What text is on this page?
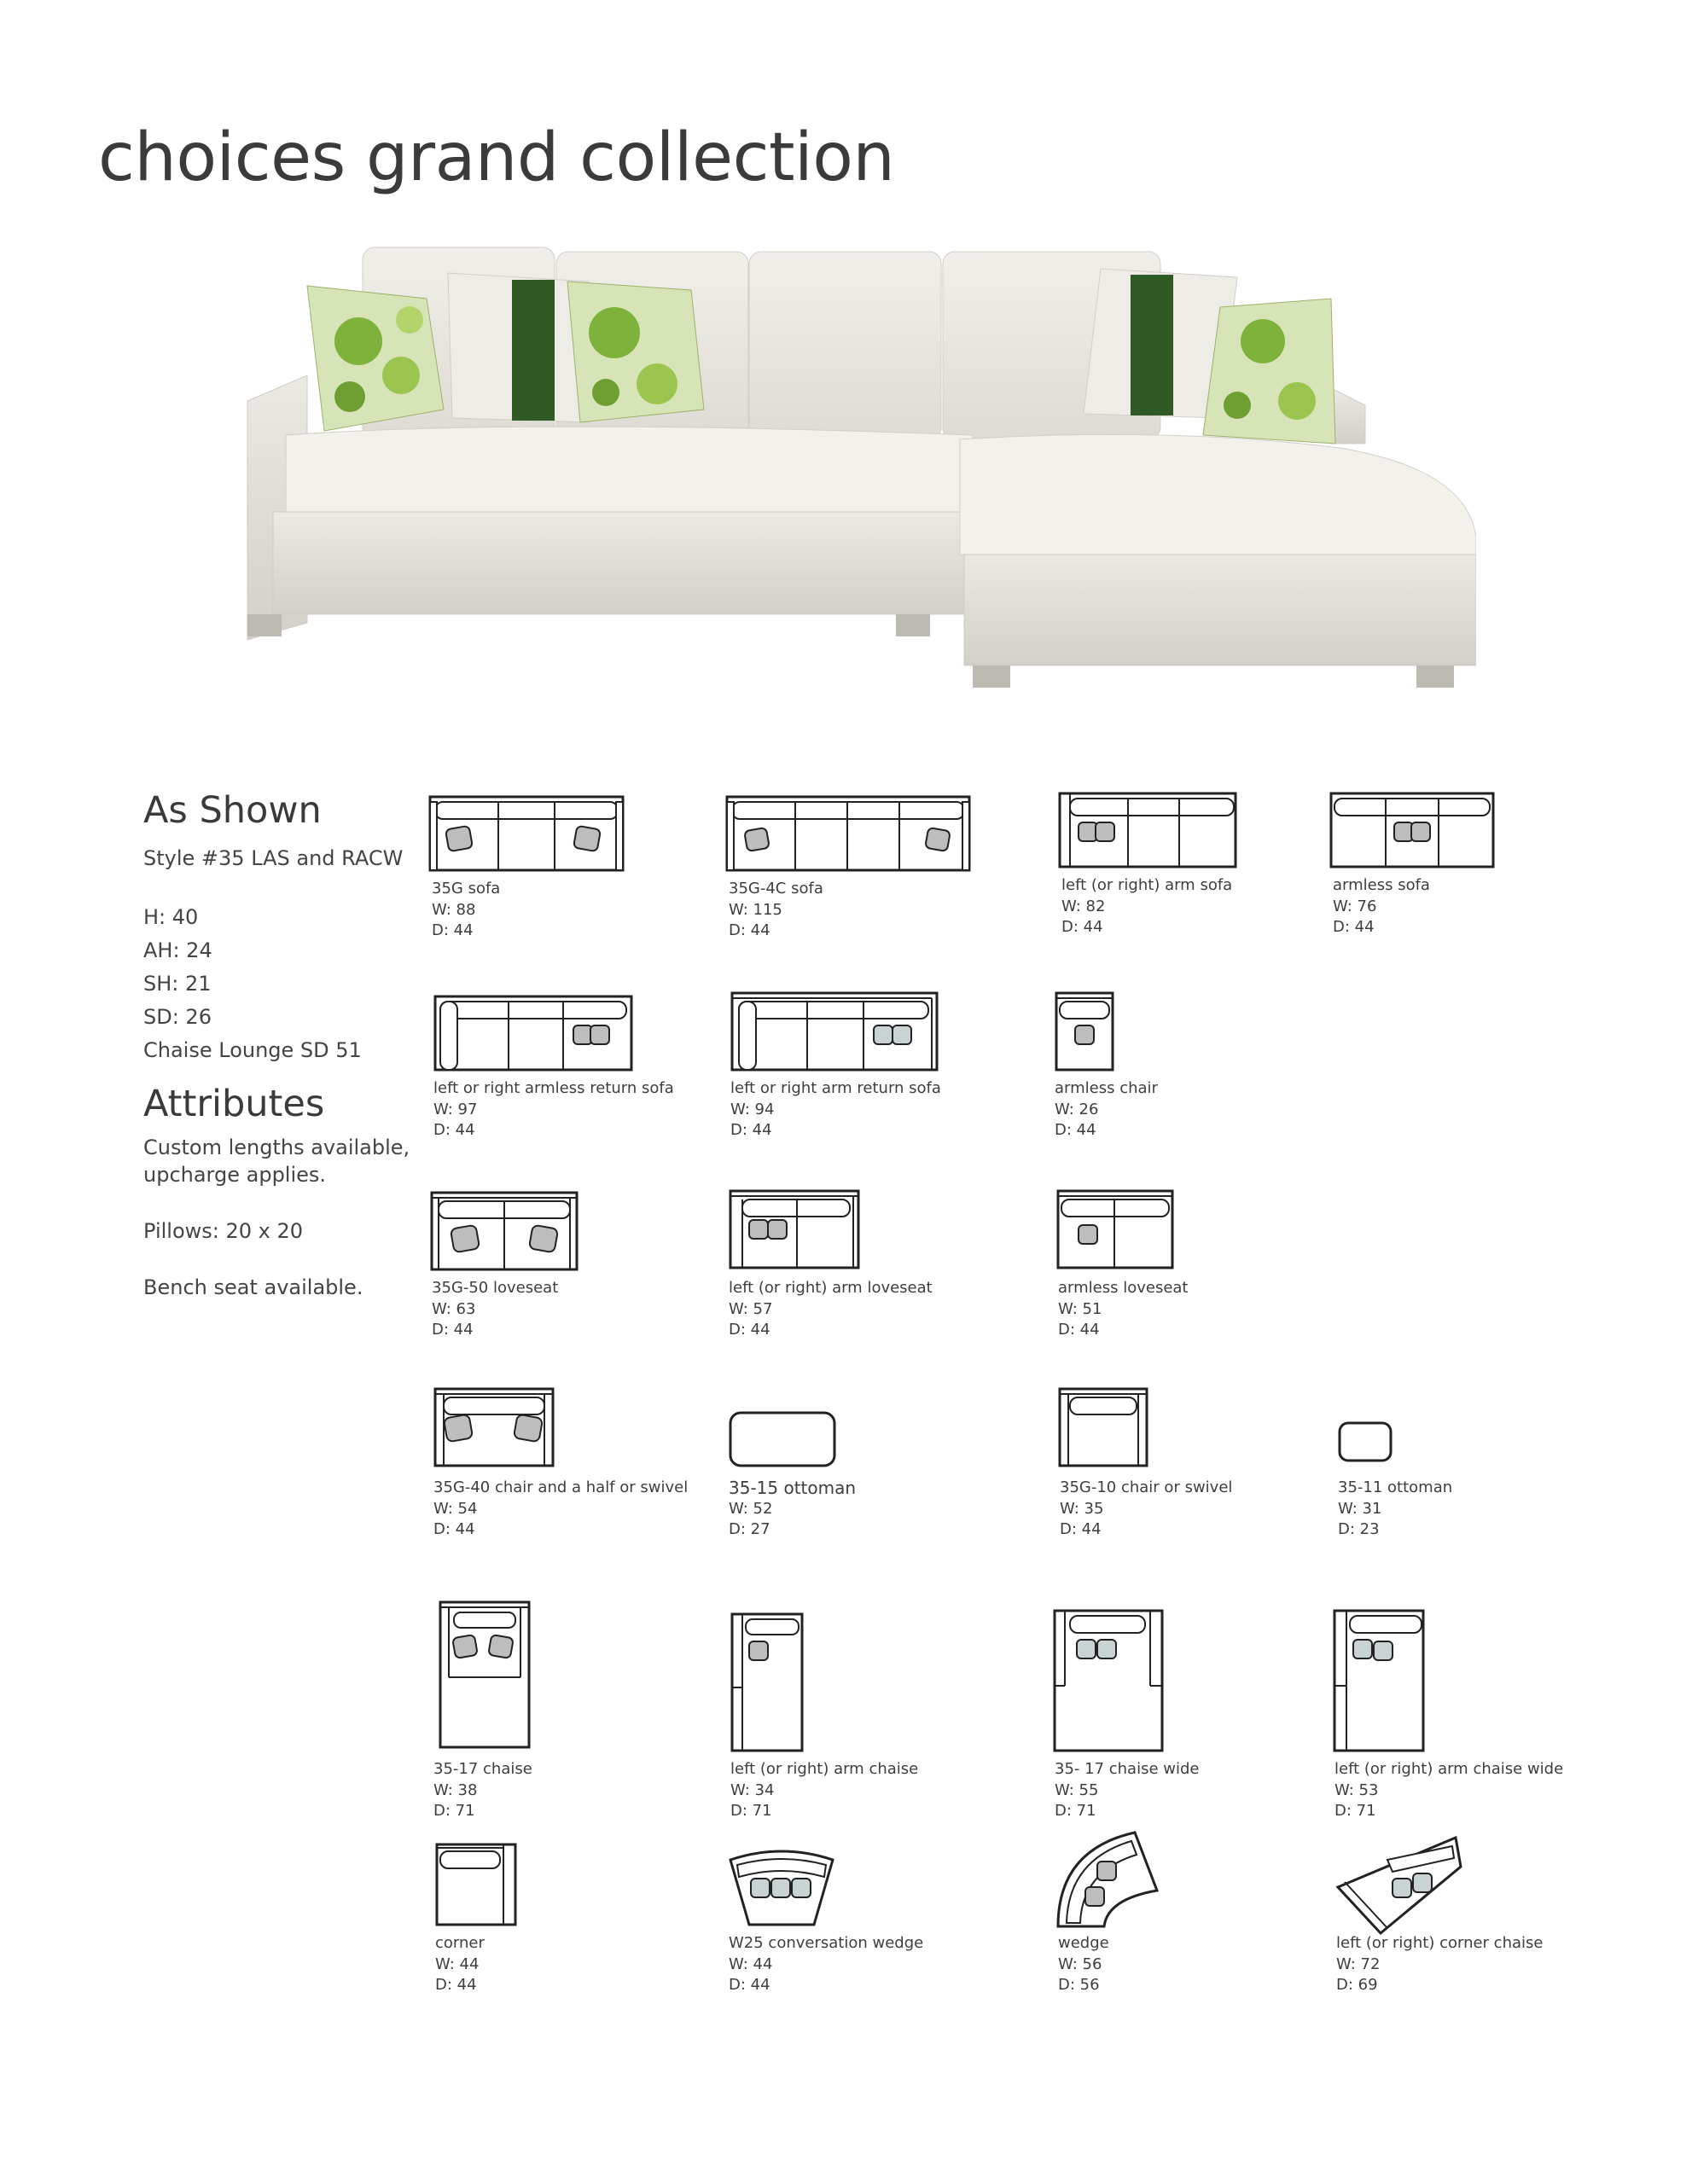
choices grand collection
As Shown
Style #35 LAS and RACW
H: 40
AH: 24
SH: 21
SD: 26
Chaise Lounge SD 51
Attributes
Custom lengths available,
upcharge applies.
Pillows: 20 x 20
Bench seat available.
35G sofa
W: 88
D: 44
35G-4C sofa
W: 115
D: 44
left (or right) arm sofa
W: 82
D: 44
armless sofa
W: 76
D: 44
left or right armless return sofa
W: 97
D: 44
left or right arm return sofa
W: 94
D: 44
armless chair
W: 26
D: 44
35G-50 loveseat
W: 63
D: 44
left (or right) arm loveseat
W: 57
D: 44
armless loveseat
W: 51
D: 44
35G-40 chair and a half or swivel
W: 54
D: 44
35-15 ottoman
W: 52
D: 27
35G-10 chair or swivel
W: 35
D: 44
35-11 ottoman
W: 31
D: 23
35-17 chaise
W: 38
D: 71
left (or right) arm chaise
W: 34
D: 71
35- 17 chaise wide
W: 55
D: 71
left (or right) arm chaise wide
W: 53
D: 71
corner
W: 44
D: 44
W25 conversation wedge
W: 44
D: 44
wedge
W: 56
D: 56
left (or right) corner chaise
W: 72
D: 69
